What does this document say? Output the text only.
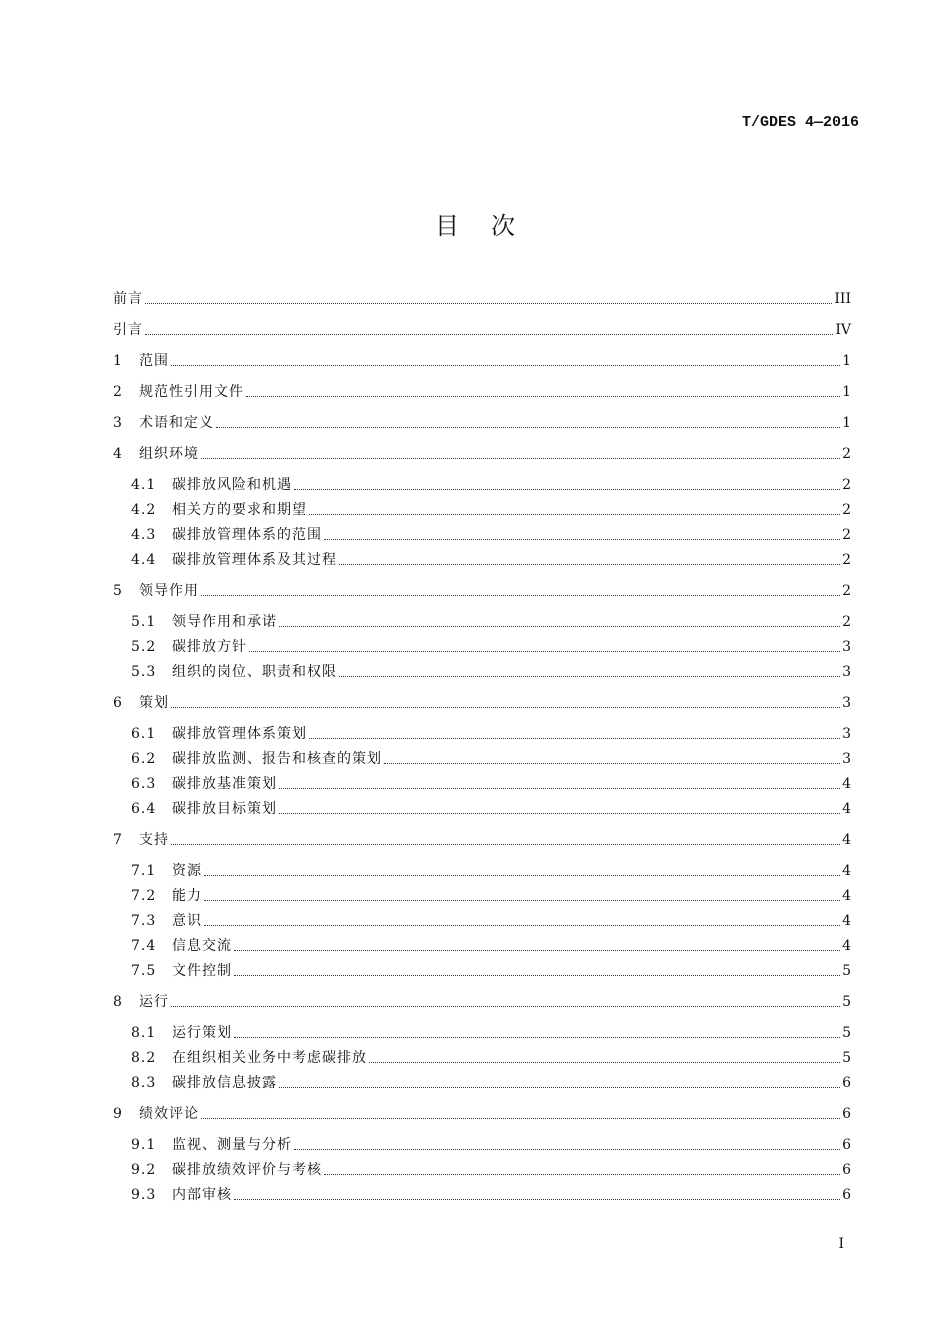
T/GDES 4—2016
目次
前言	III
引言	IV
1	范围	1
2	规范性引用文件	1
3	术语和定义	1
4	组织环境	2
4.1	碳排放风险和机遇	2
4.2	相关方的要求和期望	2
4.3	碳排放管理体系的范围	2
4.4	碳排放管理体系及其过程	2
5	领导作用	2
5.1	领导作用和承诺	2
5.2	碳排放方针	3
5.3	组织的岗位、职责和权限	3
6	策划	3
6.1	碳排放管理体系策划	3
6.2	碳排放监测、报告和核查的策划	3
6.3	碳排放基准策划	4
6.4	碳排放目标策划	4
7	支持	4
7.1	资源	4
7.2	能力	4
7.3	意识	4
7.4	信息交流	4
7.5	文件控制	5
8	运行	5
8.1	运行策划	5
8.2	在组织相关业务中考虑碳排放	5
8.3	碳排放信息披露	6
9	绩效评论	6
9.1	监视、测量与分析	6
9.2	碳排放绩效评价与考核	6
9.3	内部审核	6
I
